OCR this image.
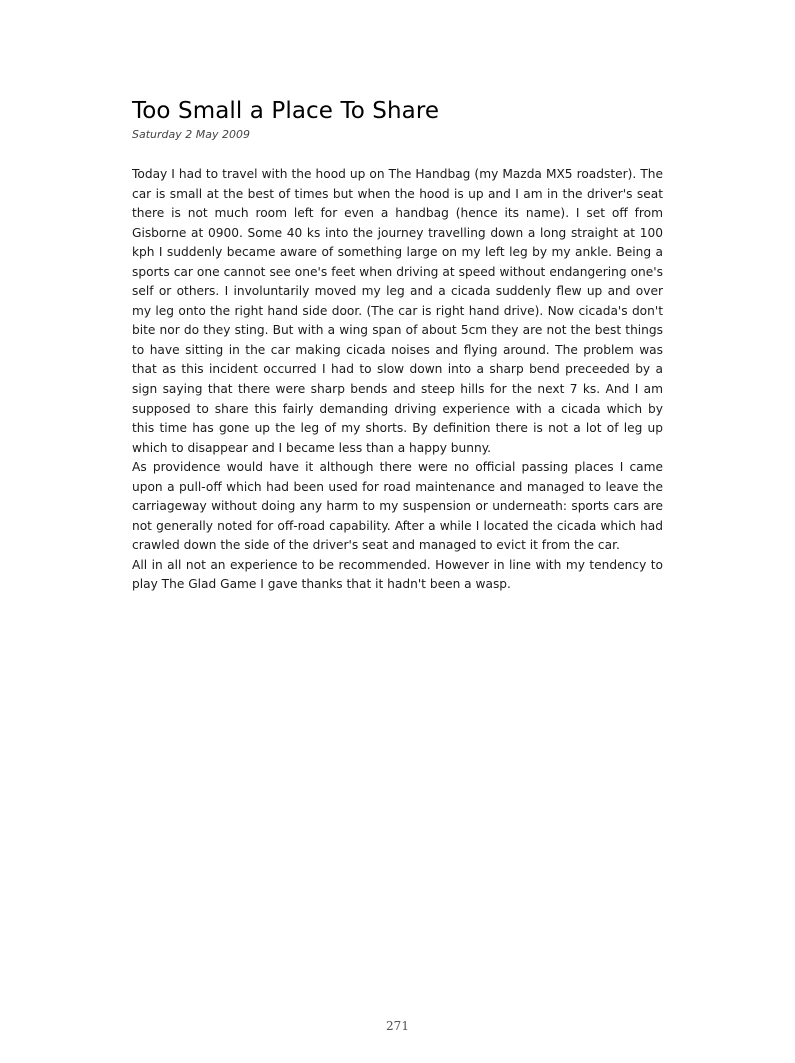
Too Small a Place To Share
Saturday 2 May 2009

Today I had to travel with the hood up on The Handbag (my Mazda MX5 roadster). The car is small at the best of times but when the hood is up and I am in the driver's seat there is not much room left for even a handbag (hence its name). I set off from Gisborne at 0900. Some 40 ks into the journey travelling down a long straight at 100 kph I suddenly became aware of something large on my left leg by my ankle. Being a sports car one cannot see one's feet when driving at speed without endangering one's self or others. I involuntarily moved my leg and a cicada suddenly flew up and over my leg onto the right hand side door. (The car is right hand drive). Now cicada's don't bite nor do they sting. But with a wing span of about 5cm they are not the best things to have sitting in the car making cicada noises and flying around. The problem was that as this incident occurred I had to slow down into a sharp bend preceeded by a sign saying that there were sharp bends and steep hills for the next 7 ks. And I am supposed to share this fairly demanding driving experience with a cicada which by this time has gone up the leg of my shorts. By definition there is not a lot of leg up which to disappear and I became less than a happy bunny.

As providence would have it although there were no official passing places I came upon a pull-off which had been used for road maintenance and managed to leave the carriageway without doing any harm to my suspension or underneath: sports cars are not generally noted for off-road capability. After a while I located the cicada which had crawled down the side of the driver's seat and managed to evict it from the car.

All in all not an experience to be recommended. However in line with my tendency to play The Glad Game I gave thanks that it hadn't been a wasp.

271
